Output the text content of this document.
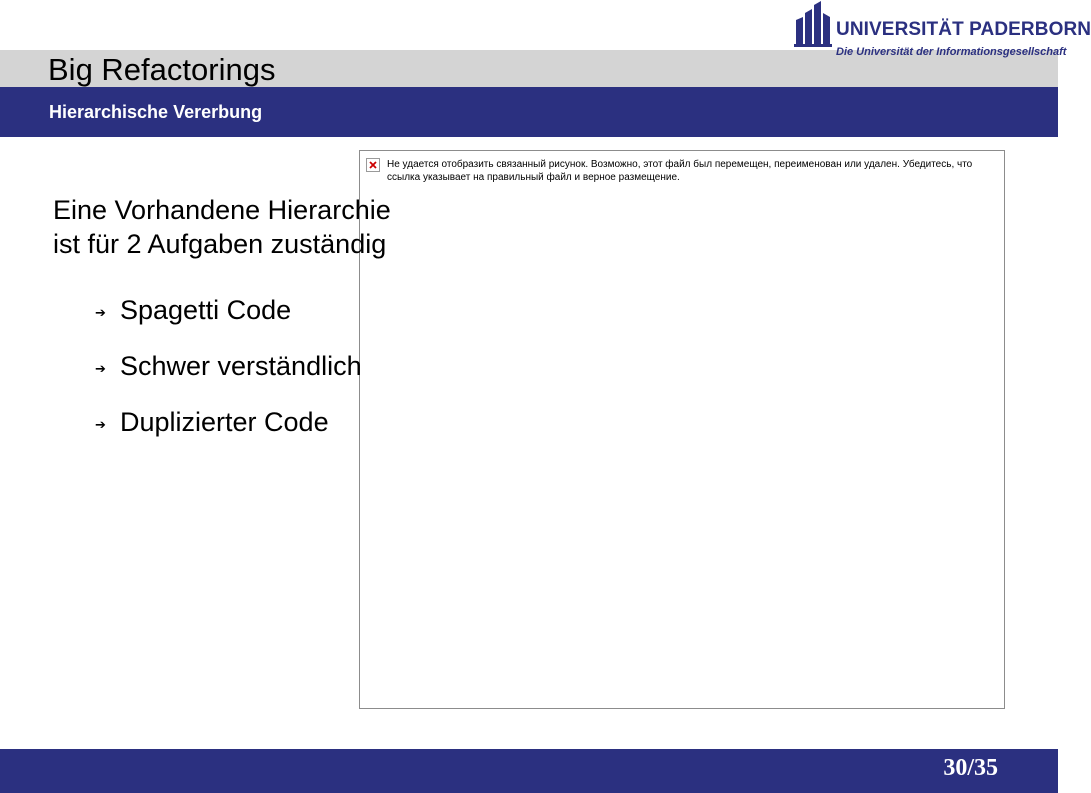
Big Refactorings
Hierarchische Vererbung
UNIVERSITÄT PADERBORN
Die Universität der Informationsgesellschaft
Не удается отобразить связанный рисунок. Возможно, этот файл был перемещен, переименован или удален. Убедитесь, что ссылка указывает на правильный файл и верное размещение.
Eine Vorhandene Hierarchie
ist für 2 Aufgaben zuständig
➔ Spagetti Code
➔ Schwer verständlich
➔ Duplizierter Code
30/35
